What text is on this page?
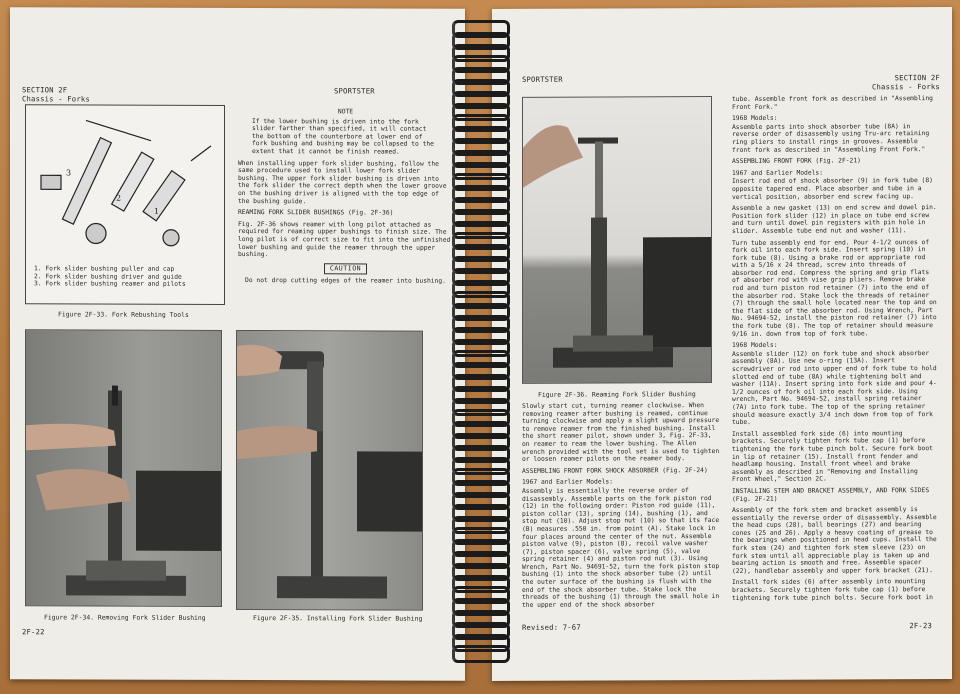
SECTION 2F
Chassis - Forks
SPORTSTER
3
2
1
1. Fork slider bushing puller and cap
2. Fork slider bushing driver and guide
3. Fork slider bushing reamer and pilots
Figure 2F-33. Fork Rebushing Tools

NOTE

If the lower bushing is driven into the fork slider farther than specified, it will contact the bottom of the counterbore at lower end of fork bushing and bushing may be collapsed to the extent that it cannot be finish reamed.

When installing upper fork slider bushing, follow the same procedure used to install lower fork slider bushing. The upper fork slider bushing is driven into the fork slider the correct depth when the lower groove on the bushing driver is aligned with the top edge of the bushing guide.

REAMING FORK SLIDER BUSHINGS (Fig. 2F-36)

Fig. 2F-36 shows reamer with long pilot attached as required for reaming upper bushings to finish size. The long pilot is of correct size to fit into the unfinished lower bushing and guide the reamer through the upper bushing.

CAUTION

Do not drop cutting edges of the reamer into bushing.

Figure 2F-34. Removing Fork Slider Bushing	Figure 2F-35. Installing Fork Slider Bushing
2F-22
SPORTSTER	SECTION 2F
Chassis - Forks
Figure 2F-36. Reaming Fork Slider Bushing

Slowly start cut, turning reamer clockwise. When removing reamer after bushing is reamed, continue turning clockwise and apply a slight upward pressure to remove reamer from the finished bushing. Install the short reamer pilot, shown under 3, Fig. 2F-33, on reamer to ream the lower bushing. The Allen wrench provided with the tool set is used to tighten or loosen reamer pilots on the reamer body.

ASSEMBLING FRONT FORK SHOCK ABSORBER (Fig. 2F-24)

1967 and Earlier Models:

Assembly is essentially the reverse order of disassembly. Assemble parts on the fork piston rod (12) in the following order: Piston rod guide (11), piston collar (13), spring (14), bushing (1), and stop nut (10). Adjust stop nut (10) so that its face (B) measures .550 in. from point (A). Stake lock in four places around the center of the nut. Assemble piston valve (9), piston (8), recoil valve washer (7), piston spacer (6), valve spring (5), valve spring retainer (4) and piston rod nut (3). Using Wrench, Part No. 94691-52, turn the fork piston stop bushing (1) into the shock absorber tube (2) until the outer surface of the bushing is flush with the end of the shock absorber tube. Stake lock the threads of the bushing (1) through the small hole in the upper end of the shock absorber

tube. Assemble front fork as described in "Assembling Front Fork."

1968 Models:

Assemble parts into shock absorber tube (8A) in reverse order of disassembly using Tru-arc retaining ring pliers to install rings in grooves. Assemble front fork as described in "Assembling Front Fork."

ASSEMBLING FRONT FORK (Fig. 2F-21)

1967 and Earlier Models:

Insert rod end of shock absorber (9) in fork tube (8) opposite tapered end. Place absorber and tube in a vertical position, absorber end screw facing up.

Assemble a new gasket (13) on end screw and dowel pin. Position fork slider (12) in place on tube end screw and turn until dowel pin registers with pin hole in slider. Assemble tube end nut and washer (11).

Turn tube assembly end for end. Pour 4-1/2 ounces of fork oil into each fork side. Insert spring (10) in fork tube (8). Using a brake rod or appropriate rod with a 5/16 x 24 thread, screw into threads of absorber rod end. Compress the spring and grip flats of absorber rod with vise grip pliers. Remove brake rod and turn piston rod retainer (7) into the end of the absorber rod. Stake lock the threads of retainer (7) through the small hole located near the top and on the flat side of the absorber rod. Using Wrench, Part No. 94694-52, install the piston rod retainer (7) into the fork tube (8). The top of retainer should measure 9/16 in. down from top of fork tube.

1968 Models:

Assemble slider (12) on fork tube and shock absorber assembly (8A). Use new o-ring (13A). Insert screwdriver or rod into upper end of fork tube to hold slotted end of tube (8A) while tightening bolt and washer (11A). Insert spring into fork side and pour 4-1/2 ounces of fork oil into each fork side. Using wrench, Part No. 94694-52, install spring retainer (7A) into fork tube. The top of the spring retainer should measure exactly 3/4 inch down from top of fork tube.

Install assembled fork side (6) into mounting brackets. Securely tighten fork tube cap (1) before tightening the fork tube pinch bolt. Secure fork boot in lip of retainer (15). Install front fender and headlamp housing. Install front wheel and brake assembly as described in "Removing and Installing Front Wheel," Section 2C.

INSTALLING STEM AND BRACKET ASSEMBLY, AND FORK SIDES (Fig. 2F-21)

Assembly of the fork stem and bracket assembly is essentially the reverse order of disassembly. Assemble the head cups (28), ball bearings (27) and bearing cones (25 and 26). Apply a heavy coating of grease to the bearings when positioned in head cups. Install the fork stem (24) and tighten fork stem sleeve (23) on fork stem until all appreciable play is taken up and bearing action is smooth and free. Assemble spacer (22), handlebar assembly and upper fork bracket (21).

Install fork sides (6) after assembly into mounting brackets. Securely tighten fork tube cap (1) before tightening fork tube pinch bolts. Secure fork boot in

Revised: 7-67	2F-23
